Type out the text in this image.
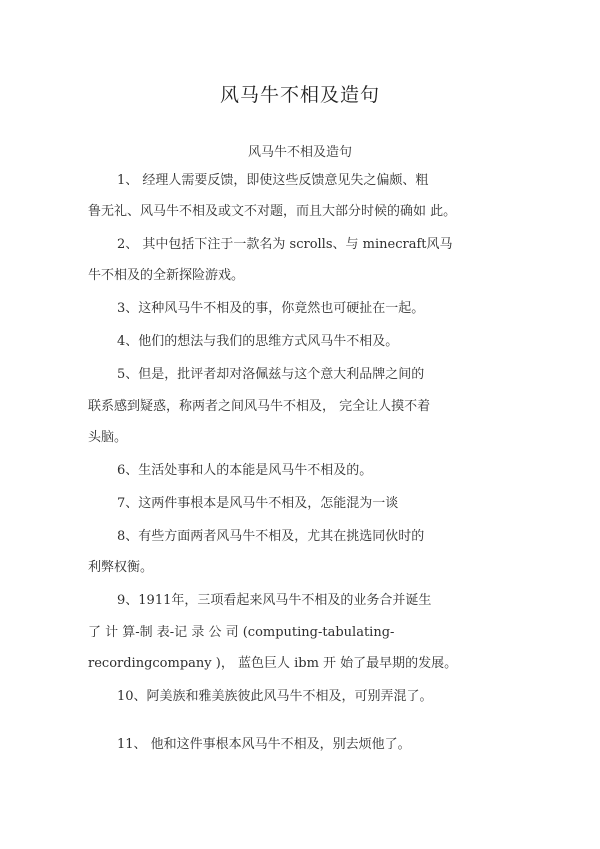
风马牛不相及造句
风马牛不相及造句
1、 经理人需要反馈，即使这些反馈意见失之偏颇、粗
鲁无礼、风马牛不相及或文不对题，而且大部分时候的确如 此。
2、 其中包括下注于一款名为 scrolls、与 minecraft风马
牛不相及的全新探险游戏。
3、这种风马牛不相及的事，你竟然也可硬扯在一起。
4、他们的想法与我们的思维方式风马牛不相及。
5、但是，批评者却对洛佩兹与这个意大利品牌之间的
联系感到疑惑，称两者之间风马牛不相及， 完全让人摸不着
头脑。
6、生活处事和人的本能是风马牛不相及的。
7、这两件事根本是风马牛不相及，怎能混为一谈
8、有些方面两者风马牛不相及，尤其在挑选同伙时的
利弊权衡。
9、1911年，三项看起来风马牛不相及的业务合并诞生
了 计 算-制 表-记 录 公 司 (computing-tabulating-
recordingcompany )， 蓝色巨人 ibm 开 始了最早期的发展。
10、阿美族和雅美族彼此风马牛不相及，可别弄混了。
11、 他和这件事根本风马牛不相及，别去烦他了。
